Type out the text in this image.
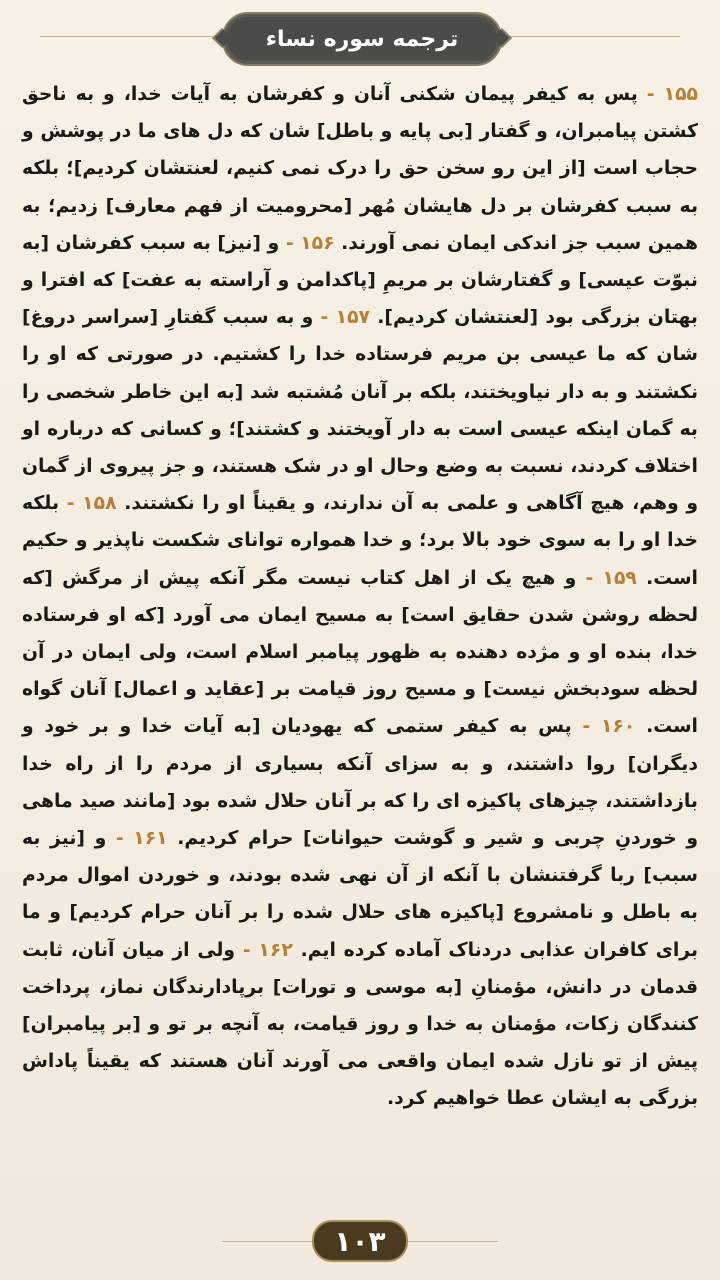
ترجمه سوره نساء
۱۵۵ - پس به کیفر پیمان شکنی آنان و کفرشان به آیات خدا، و به ناحق کشتن پیامبران، و گفتار [بی پایه و باطل] شان که دل های ما در پوشش و حجاب است [از این رو سخن حق را درک نمی کنیم، لعنتشان کردیم]؛ بلکه به سبب کفرشان بر دل هایشان مُهر [محرومیت از فهم معارف] زدیم؛ به همین سبب جز اندکی ایمان نمی آورند. ۱۵۶ - و [نیز] به سبب کفرشان [به نبوّت عیسی] و گفتارشان بر مریمِ [پاکدامن و آراسته به عفت] که افترا و بهتان بزرگی بود [لعنتشان کردیم]. ۱۵۷ - و به سبب گفتارِ [سراسر دروغ] شان که ما عیسی بن مریم فرستاده خدا را کشتیم. در صورتی که او را نکشتند و به دار نیاویختند، بلکه بر آنان مُشتبه شد [به این خاطر شخصی را به گمان اینکه عیسی است به دار آویختند و کشتند]؛ و کسانی که درباره او اختلاف کردند، نسبت به وضع وحال او در شک هستند، و جز پیروی از گمان و وهم، هیچ آگاهی و علمی به آن ندارند، و یقیناً او را نکشتند. ۱۵۸ - بلکه خدا او را به سوی خود بالا برد؛ و خدا همواره توانای شکست ناپذیر و حکیم است. ۱۵۹ - و هیچ یک از اهل کتاب نیست مگر آنکه پیش از مرگش [که لحظه روشن شدن حقایق است] به مسیح ایمان می آورد [که او فرستاده خدا، بنده او و مژده دهنده به ظهور پیامبر اسلام است، ولی ایمان در آن لحظه سودبخش نیست] و مسیح روز قیامت بر [عقاید و اعمال] آنان گواه است. ۱۶۰ - پس به کیفر ستمی که یهودیان [به آیات خدا و بر خود و دیگران] روا داشتند، و به سزای آنکه بسیاری از مردم را از راه خدا بازداشتند، چیزهای پاکیزه ای را که بر آنان حلال شده بود [مانند صید ماهی و خوردنِ چربی و شیر و گوشت حیوانات] حرام کردیم. ۱۶۱ - و [نیز به سبب] ربا گرفتنشان با آنکه از آن نهی شده بودند، و خوردن اموال مردم به باطل و نامشروع [پاکیزه های حلال شده را بر آنان حرام کردیم] و ما برای کافران عذابی دردناک آماده کرده ایم. ۱۶۲ - ولی از میان آنان، ثابت قدمان در دانش، مؤمنانِ [به موسی و تورات] برپادارندگان نماز، پرداخت کنندگان زکات، مؤمنان به خدا و روز قیامت، به آنچه بر تو و [بر پیامبران] پیش از تو نازل شده ایمان واقعی می آورند آنان هستند که یقیناً پاداش بزرگی به ایشان عطا خواهیم کرد.
۱۰۳
